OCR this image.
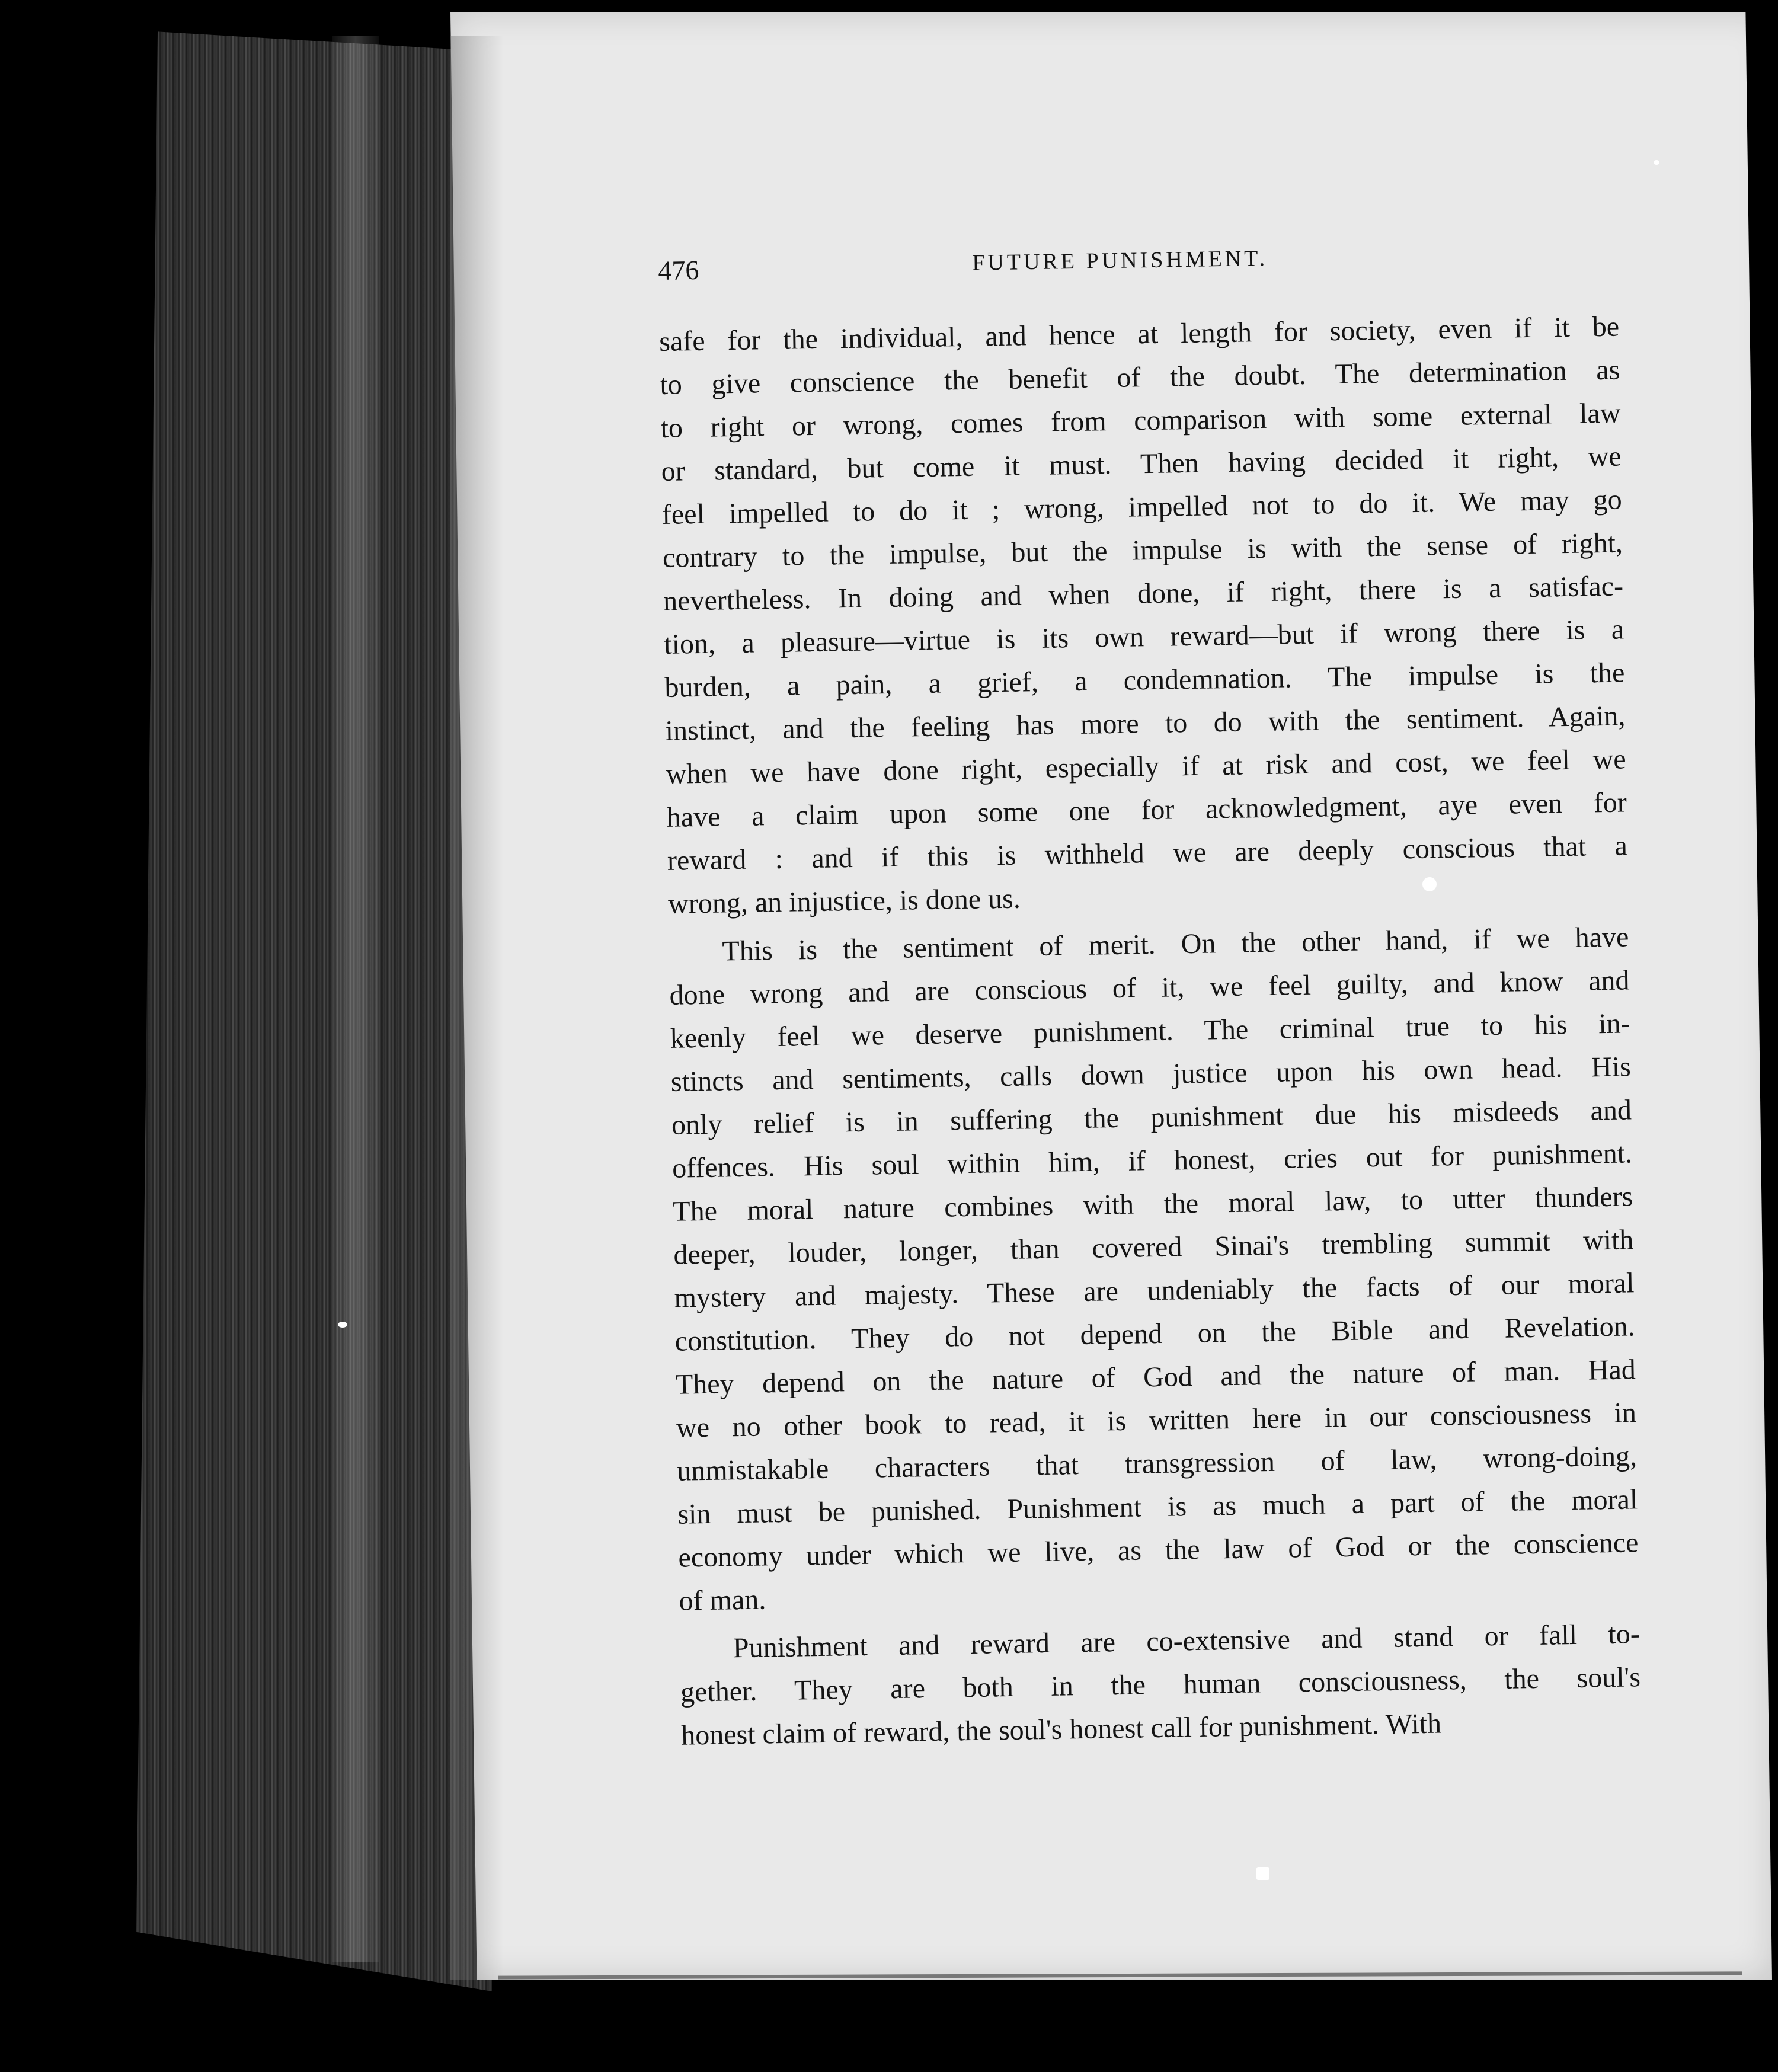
476	FUTURE PUNISHMENT.
safe for the individual, and hence at length for society, even if it be
to give conscience the benefit of the doubt. The determination as
to right or wrong, comes from comparison with some external law
or standard, but come it must. Then having decided it right, we
feel impelled to do it ; wrong, impelled not to do it. We may go
contrary to the impulse, but the impulse is with the sense of right,
nevertheless. In doing and when done, if right, there is a satisfac-
tion, a pleasure—virtue is its own reward—but if wrong there is a
burden, a pain, a grief, a condemnation. The impulse is the
instinct, and the feeling has more to do with the sentiment. Again,
when we have done right, especially if at risk and cost, we feel we
have a claim upon some one for acknowledgment, aye even for
reward : and if this is withheld we are deeply conscious that a
wrong, an injustice, is done us.
This is the sentiment of merit. On the other hand, if we have
done wrong and are conscious of it, we feel guilty, and know and
keenly feel we deserve punishment. The criminal true to his in-
stincts and sentiments, calls down justice upon his own head. His
only relief is in suffering the punishment due his misdeeds and
offences. His soul within him, if honest, cries out for punishment.
The moral nature combines with the moral law, to utter thunders
deeper, louder, longer, than covered Sinai's trembling summit with
mystery and majesty. These are undeniably the facts of our moral
constitution. They do not depend on the Bible and Revelation.
They depend on the nature of God and the nature of man. Had
we no other book to read, it is written here in our consciousness in
unmistakable characters that transgression of law, wrong-doing,
sin must be punished. Punishment is as much a part of the moral
economy under which we live, as the law of God or the conscience
of man.
Punishment and reward are co-extensive and stand or fall to-
gether. They are both in the human consciousness, the soul's
honest claim of reward, the soul's honest call for punishment. With
